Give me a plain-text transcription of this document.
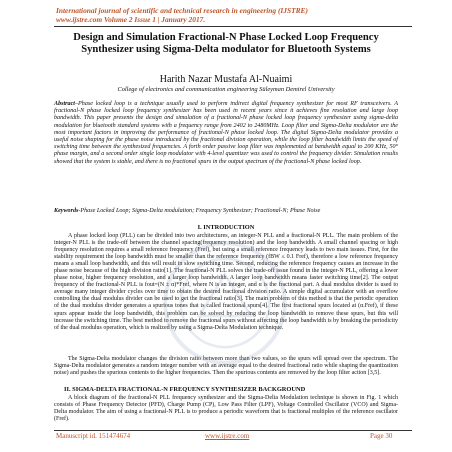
International journal of scientific and technical research in engineering (IJSTRE)
www.ijstre.com Volume 2 Issue 1 | January 2017.
Design and Simulation Fractional-N Phase Locked Loop Frequency Synthesizer using Sigma-Delta modulator for Bluetooth Systems
Harith Nazar Mustafa Al-Nuaimi
College of electronics and communication engineering Süleyman Demirel University
Abstract–Phase locked loop is a technique usually used to perform indirect digital frequency synthesizer for most RF transceivers. A fractional-N phase locked loop frequency synthesizer has been used in recent years since it achieves fine resolution and large loop bandwidth. This paper presents the design and simulation of a fractional-N phase locked loop frequency synthesizer using sigma-delta modulation for bluetooth standard systems with a frequency range from 2402 to 2480MHz. Loop filter and Sigma-Delta modulator are the most important factors in improving the performance of fractional-N phase locked loop. The digital Sigma-Delta modulator provides a useful noise shaping for the phase noise introduced by the fractional division operation, while the loop filter bandwidth limits the speed of switching time between the synthesized frequencies. A forth order passive loop filter was implemented at bandwidth equal to 200 KHz, 50° phase margin, and a second order single loop modulator with 4-level quantizer was used to control the frequency divider. Simulation results showed that the system is stable, and there is no fractional spurs in the output spectrum of the fractional-N phase locked loop.
Keywords-Phase Locked Loop; Sigma-Delta modulation; Frequency Synthesizer; Fractional-N; Phase Noise
I. INTRODUCTION
A phase locked loop (PLL) can be divided into two architectures, an integer-N PLL and a fractional-N PLL. The main problem of the integer-N PLL is the trade-off between the channel spacing(frequency resolution) and the loop bandwidth. A small channel spacing or high frequency resolution requires a small reference frequency (Fref), but using a small reference frequency leads to two main issues. First, for the stability requirement the loop bandwidth must be smaller than the reference frequency (fBW ≤ 0.1 Fref), therefore a low reference frequency means a small loop bandwidth, and this will result in slow switching time. Second, reducing the reference frequency causes an increase in the phase noise because of the high division ratio[1]. The fractional-N PLL solves the trade-off issue found in the integer-N PLL, offering a lower phase noise, higher frequency resolution, and a larger loop bandwidth. A larger loop bandwidth means faster switching time[2]. The output frequency of the fractional-N PLL is fout=(N ± α)*Fref, where N is an integer, and α is the fractional part. A dual modulus divider is used to average many integer divider cycles over time to obtain the desired fractional division ratio. A simple digital accumulator with an overflow controlling the dual modulus divider can be used to get the fractional ratio[3]. The main problem of this method is that the periodic operation of the dual modulus divider generates a spurious tones that is called fractional spurs[4]. The first fractional spurs located at (α.Fref), if these spurs appear inside the loop bandwidth, this problem can be solved by reducing the loop bandwidth to remove these spurs, but this will increase the switching time. The best method to remove the fractional spurs without affecting the loop bandwidth is by breaking the periodicity of the dual modulus operation, which is realized by using a Sigma-Delta Modulation technique.
The Sigma-Delta modulator changes the division ratio between more than two values, so the spurs will spread over the spectrum. The Sigma-Delta modulator generates a random integer number with an average equal to the desired fractional ratio while shaping the quantization noise) and pushes the spurious contents to the higher frequencies. Then the spurious contents are removed by the loop filter action [3,5].
II. SIGMA-DELTA FRACTIONAL-N FREQUENCY SYNTHESIZER BACKGROUND
A block diagram of the fractional-N PLL frequency synthesizer and the Sigma-Delta Modulation technique is shown in Fig. 1 which consists of Phase Frequency Detector (PFD), Charge Pump (CP), Low Pass Filter (LPF), Voltage Controlled Oscillator (VCO) and Sigma-Delta modulator. The aim of using a fractional-N PLL is to produce a periodic waveform that is fractional multiples of the reference oscillator (Fref).
Manuscript id. 151474674	www.ijstre.com	Page 30
